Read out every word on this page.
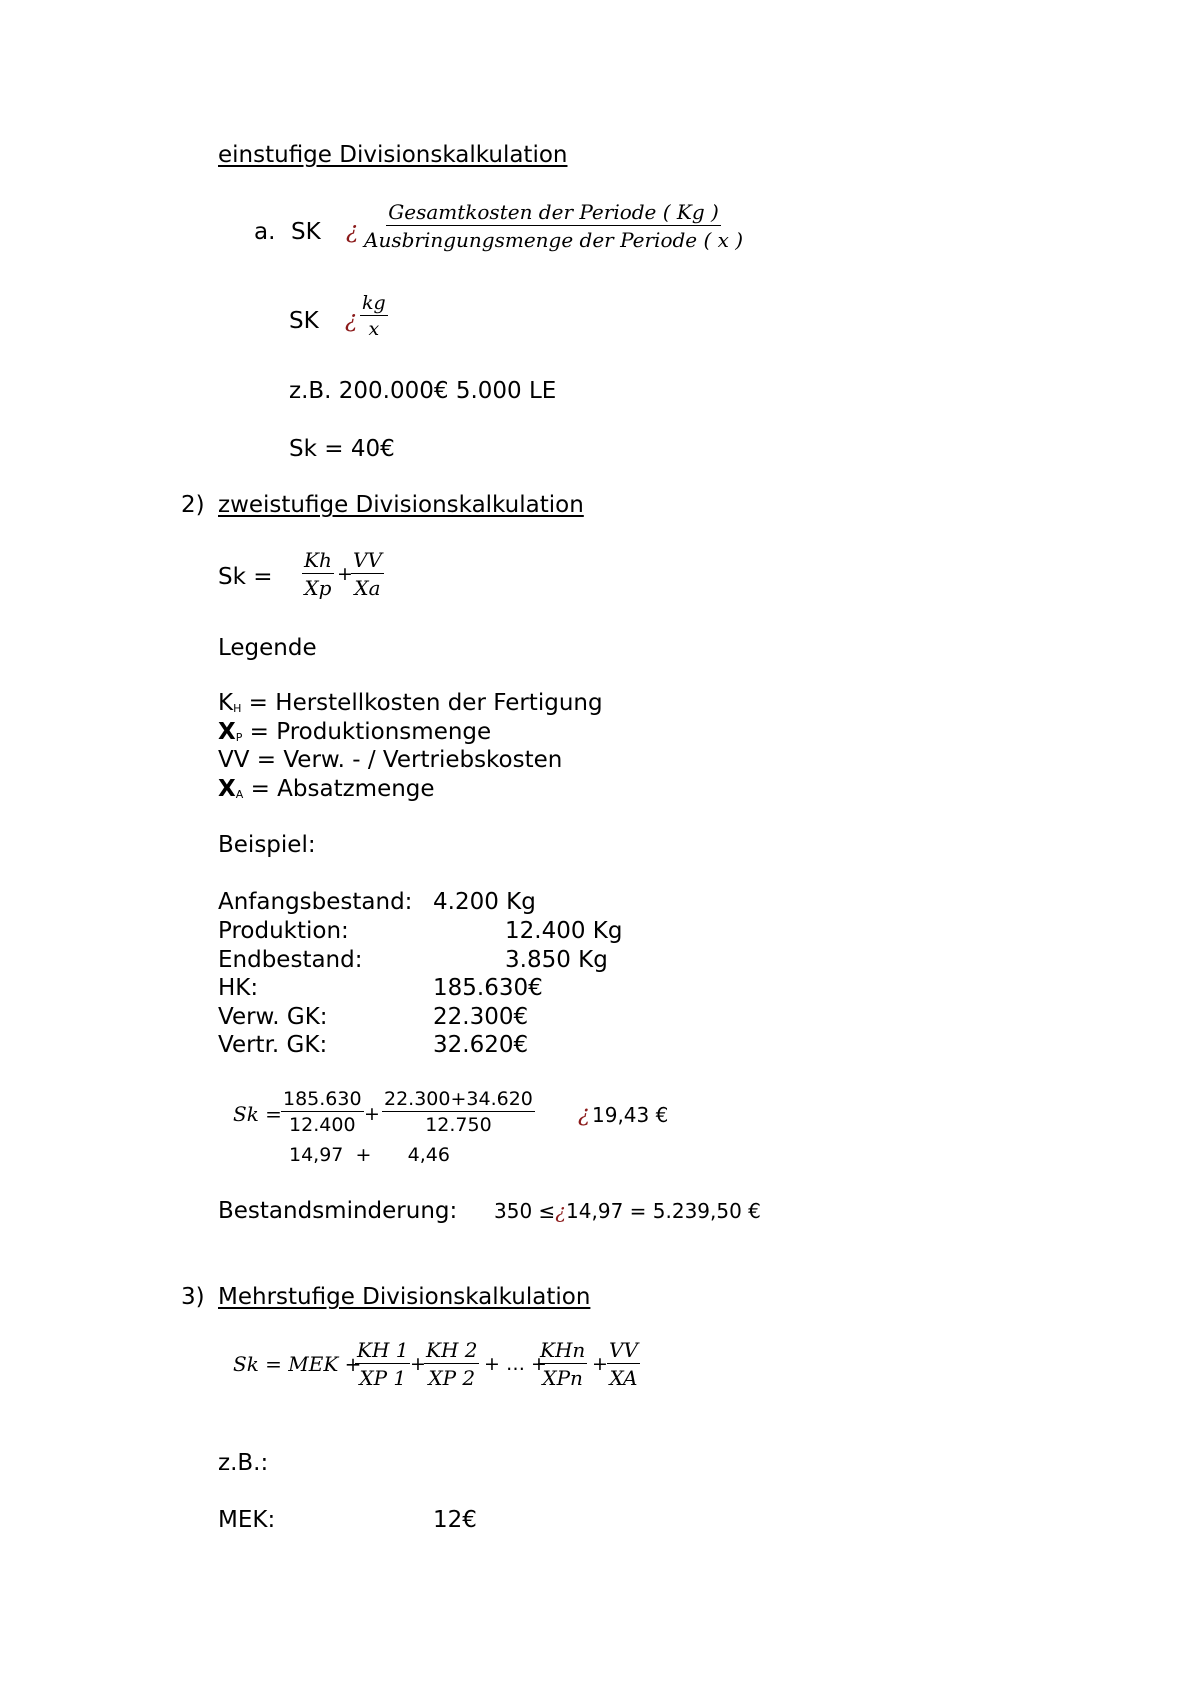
einstufige Divisionskalkulation
a. SK ¿
Gesamtkosten der Periode ( Kg )
Ausbringungsmenge der Periode ( x )
SK ¿ $\frac{kg}{x}$
z.B. 200.000€ 5.000 LE
Sk = 40€
2) zweistufige Divisionskalkulation
$Sk = \frac{Kh}{Xp}$ +
$\frac{VV}{Xa}$
Legende
$K_H$ = Herstellkosten der Fertigung
$X_P$ = Produktionsmenge
VV = Verw. - / Vertriebskosten
$X_A$ = Absatzmenge
Beispiel:
Anfangsbestand: 4.200 Kg
Produktion:	12.400 Kg
Endbestand:	3.850 Kg
HK:	185.630€
Verw. GK:	22.300€
Vertr. GK:	32.620€
$Sk = \frac{185.630}{12.400} + \frac{22.300+34.620}{12.750}$ ¿ 19,43 €
14,97  +      4,46
Bestandsminderung: 350 ≤¿14,97 = 5.239,50 €
3) Mehrstufige Divisionskalkulation
Sk = MEK +
$\frac{KH 1}{XP 1}$ +
$\frac{KH 2}{XP 2}$ + … +
KHn
XPn
+ $\frac{VV}{XA}$
z.B.:
MEK:	12€
